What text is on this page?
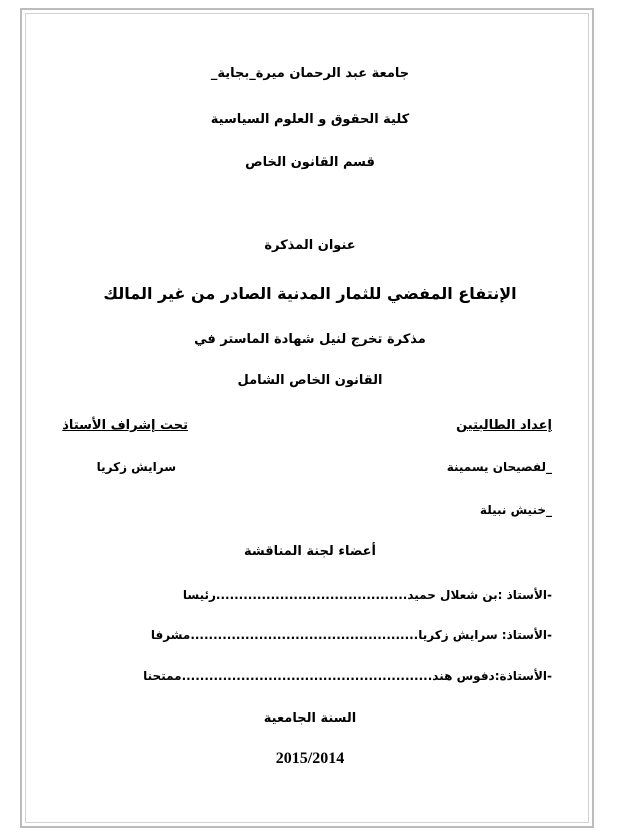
جامعة عبد الرحمان ميرة_بجاية_
كلية الحقوق و العلوم السياسية
قسم القانون الخاص
عنوان المذكرة
الإنتفاع المفضي للثمار المدنية الصادر من غير المالك
مذكرة تخرج لنيل شهادة الماستر في
القانون الخاص الشامل
إعداد الطالبتين
تحت إشراف الأستاذ
_لفصيحان يسمينة
سرايش زكريا
_خنيش نبيلة
أعضاء لجنة المناقشة
-الأستاذ :بن شعلال حميد..........................................رئيسا
-الأستاذ: سرايش زكريا..................................................مشرفا
-الأستاذة:دفوس هند.......................................................ممتحنا
السنة الجامعية
2015/2014
